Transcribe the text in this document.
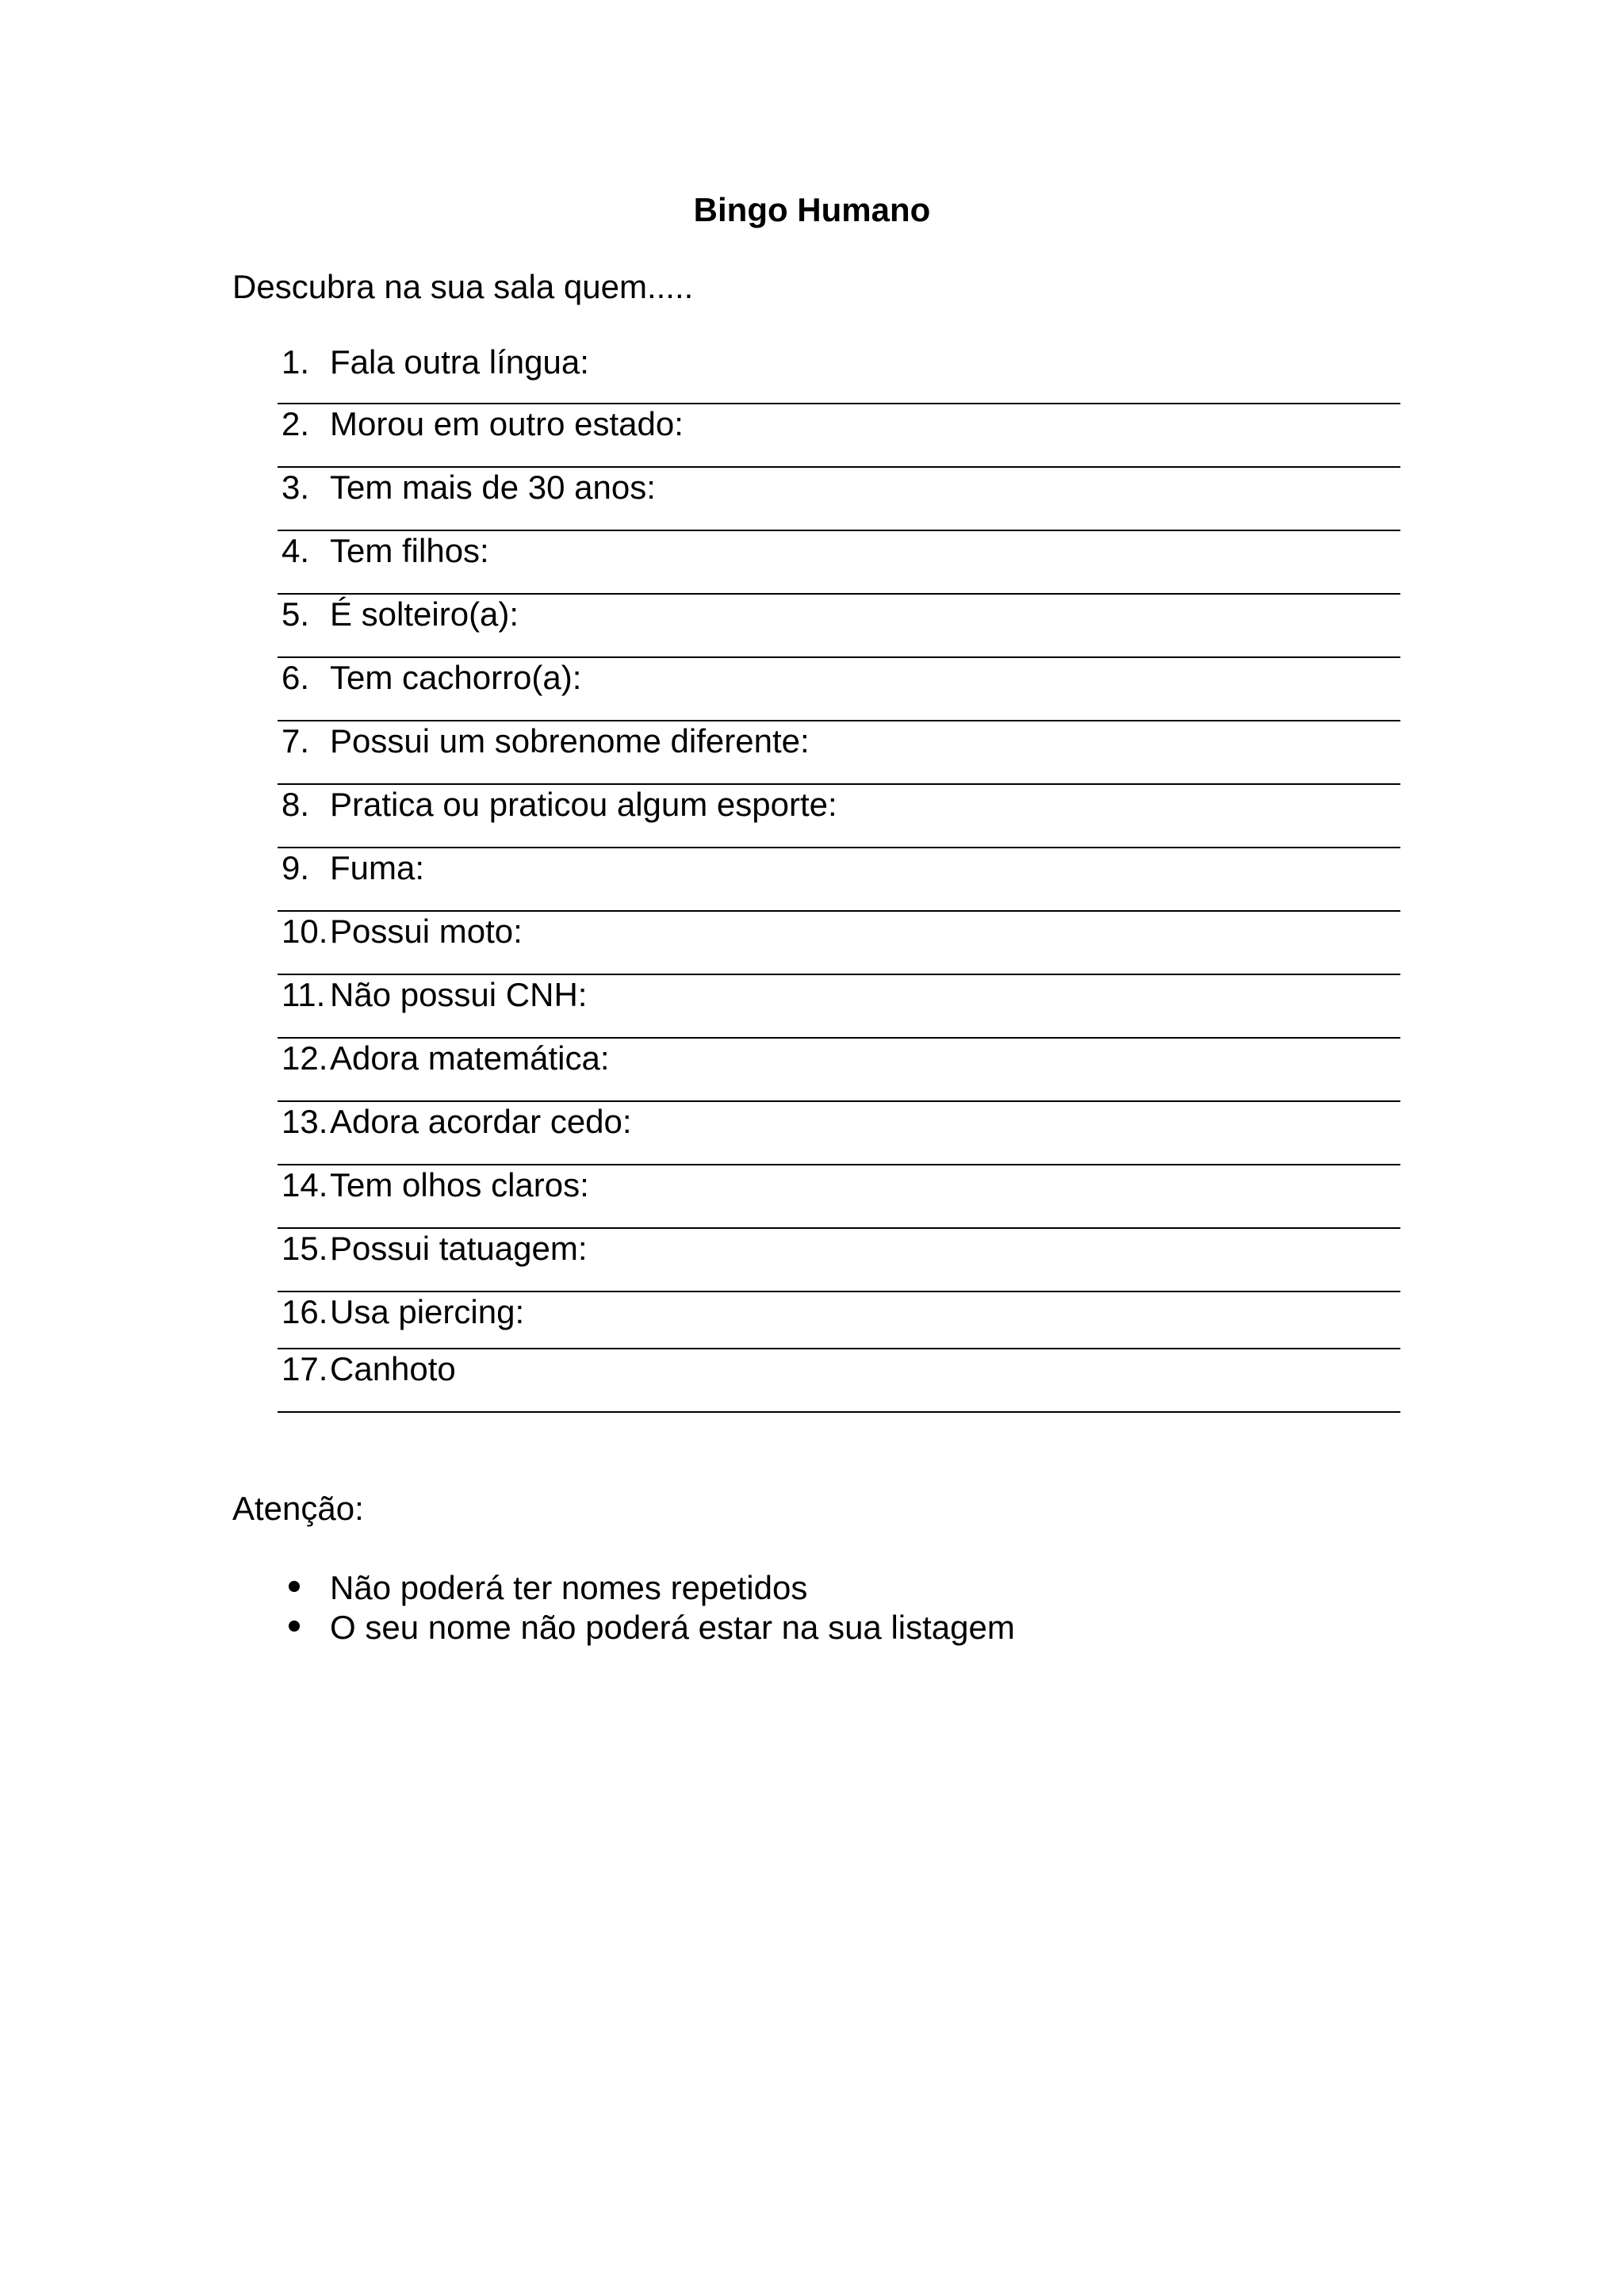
Bingo Humano
Descubra na sua sala quem.....
1. Fala outra língua:
2. Morou em outro estado:
3. Tem mais de 30 anos:
4. Tem filhos:
5. É solteiro(a):
6. Tem cachorro(a):
7. Possui um sobrenome diferente:
8. Pratica ou praticou algum esporte:
9. Fuma:
10. Possui moto:
11. Não possui CNH:
12. Adora matemática:
13. Adora acordar cedo:
14. Tem olhos claros:
15. Possui tatuagem:
16. Usa piercing:
17. Canhoto
Atenção:
Não poderá ter nomes repetidos
O seu nome não poderá estar na sua listagem
